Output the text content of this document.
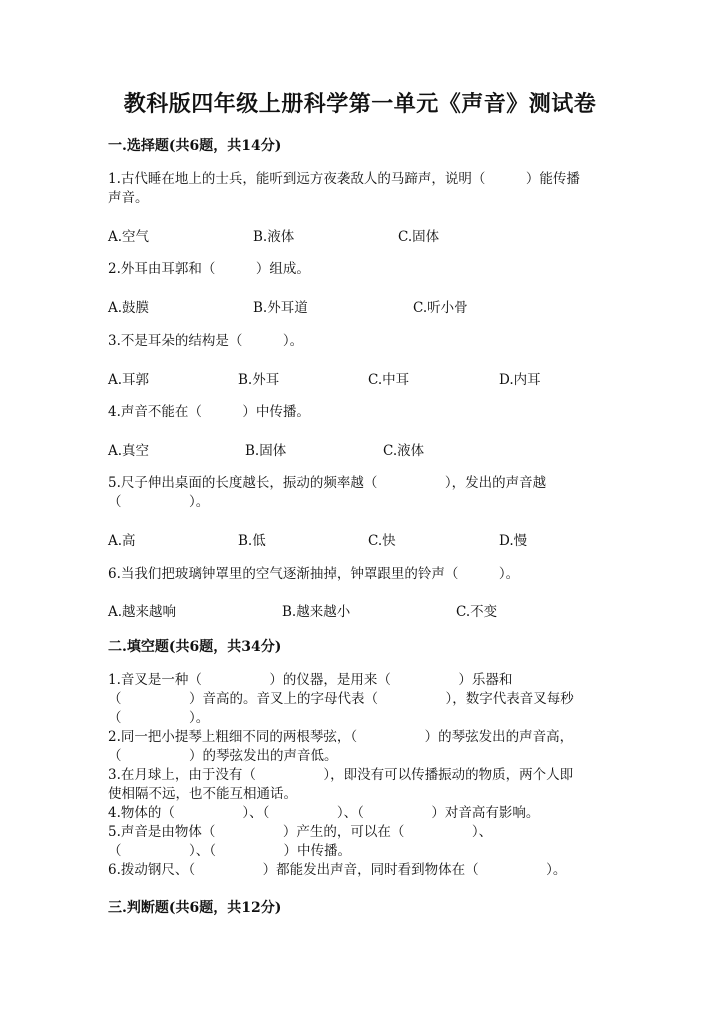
教科版四年级上册科学第一单元《声音》测试卷
一.选择题(共6题，共14分)
1.古代睡在地上的士兵，能听到远方夜袭敌人的马蹄声，说明（　　　）能传播
声音。
A.空气	B.液体	C.固体
2.外耳由耳郭和（　　　）组成。
A.鼓膜	B.外耳道	C.听小骨
3.不是耳朵的结构是（　　　）。
A.耳郭	B.外耳	C.中耳	D.内耳
4.声音不能在（　　　）中传播。
A.真空	B.固体	C.液体
5.尺子伸出桌面的长度越长，振动的频率越（　　　　　），发出的声音越
（　　　　　）。
A.高	B.低	C.快	D.慢
6.当我们把玻璃钟罩里的空气逐渐抽掉，钟罩跟里的铃声（　　　）。
A.越来越响	B.越来越小	C.不变
二.填空题(共6题，共34分)
1.音叉是一种（　　　　　）的仪器，是用来（　　　　　）乐器和
（　　　　　）音高的。音叉上的字母代表（　　　　　），数字代表音叉每秒
（　　　　　）。
2.同一把小提琴上粗细不同的两根琴弦，（　　　　　）的琴弦发出的声音高，
（　　　　　）的琴弦发出的声音低。
3.在月球上，由于没有（　　　　　），即没有可以传播振动的物质，两个人即
使相隔不远，也不能互相通话。
4.物体的（　　　　　）、（　　　　　）、（　　　　　）对音高有影响。
5.声音是由物体（　　　　　）产生的，可以在（　　　　　）、
（　　　　　）、（　　　　　）中传播。
6.拨动钢尺、（　　　　　）都能发出声音，同时看到物体在（　　　　　）。
三.判断题(共6题，共12分)
